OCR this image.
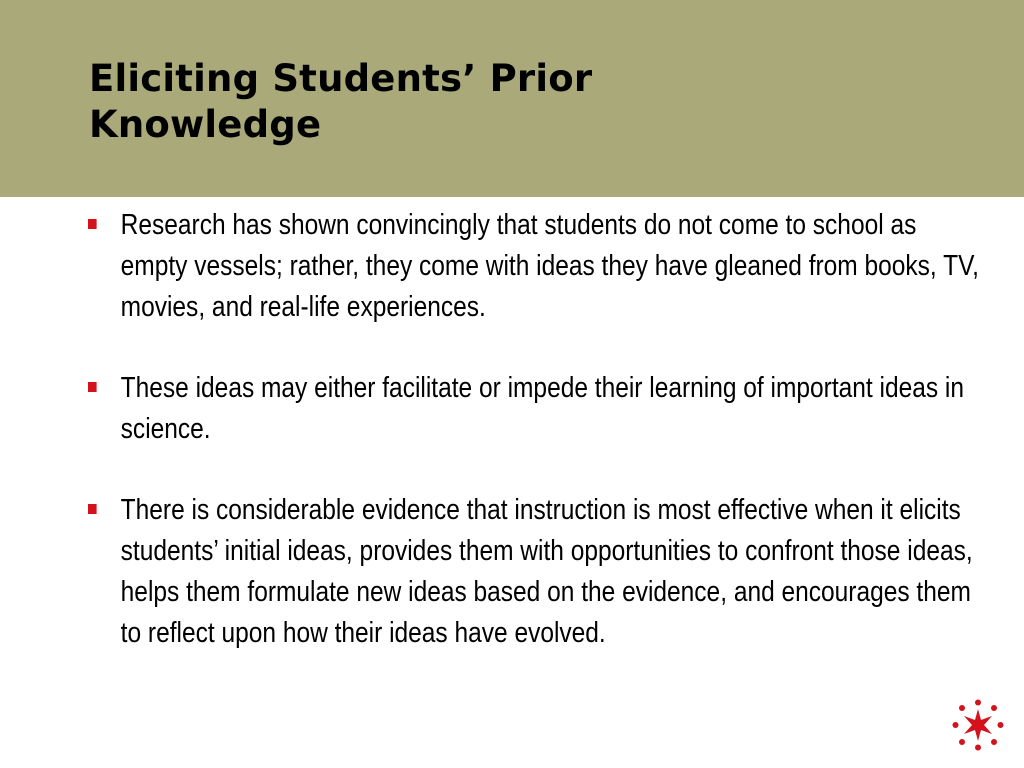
Eliciting Students’ Prior
Knowledge
Research has shown convincingly that students do not come to school as empty vessels; rather, they come with ideas they have gleaned from books, TV, movies, and real-life experiences.
These ideas may either facilitate or impede their learning of important ideas in science.
There is considerable evidence that instruction is most effective when it elicits students’ initial ideas, provides them with opportunities to confront those ideas, helps them formulate new ideas based on the evidence, and encourages them to reflect upon how their ideas have evolved.
